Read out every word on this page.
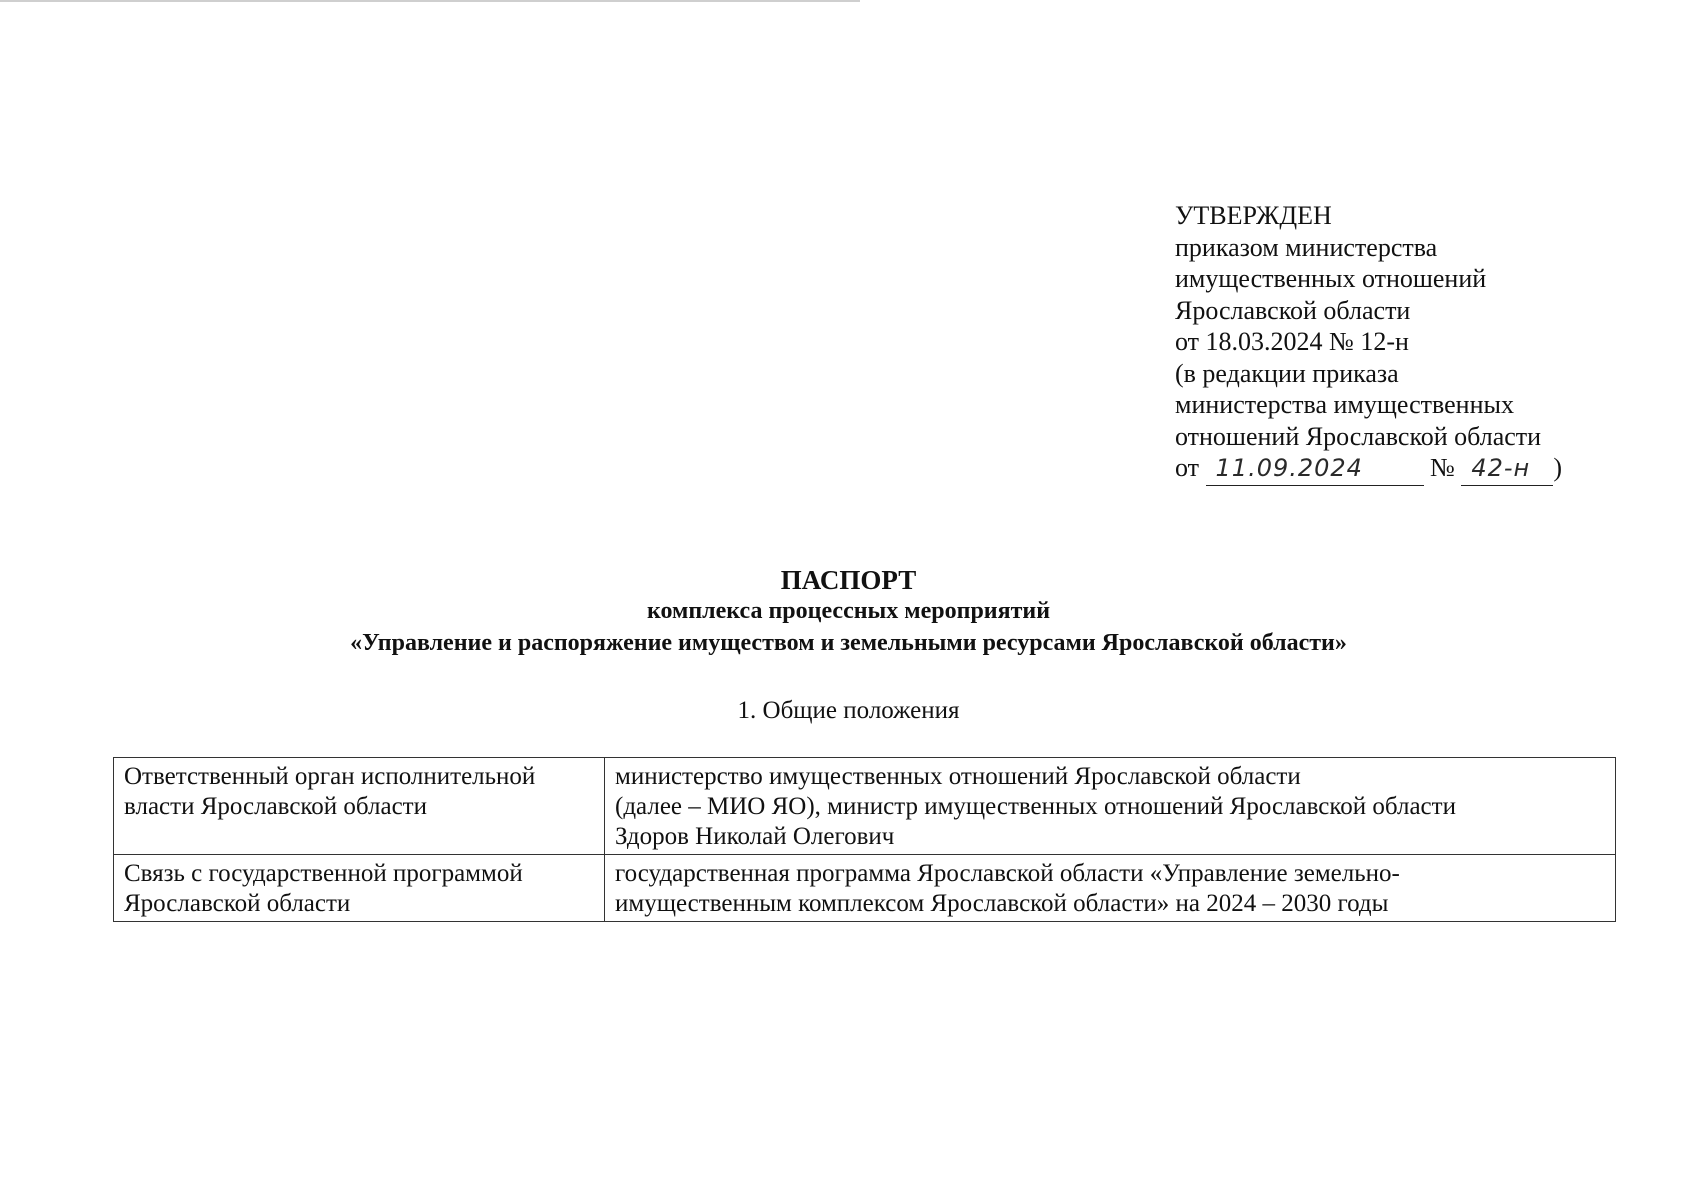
УТВЕРЖДЕН
приказом министерства
имущественных отношений
Ярославской области
от 18.03.2024 № 12-н
(в редакции приказа
министерства имущественных
отношений Ярославской области
от 11.09.2024	№ 42-н )
ПАСПОРТ
комплекса процессных мероприятий
«Управление и распоряжение имуществом и земельными ресурсами Ярославской области»
1. Общие положения
Ответственный орган исполнительной власти Ярославской области	министерство имущественных отношений Ярославской области
(далее – МИО ЯО), министр имущественных отношений Ярославской области
Здоров Николай Олегович

Связь с государственной программой Ярославской области	государственная программа Ярославской области «Управление земельно-
имущественным комплексом Ярославской области» на 2024 – 2030 годы
